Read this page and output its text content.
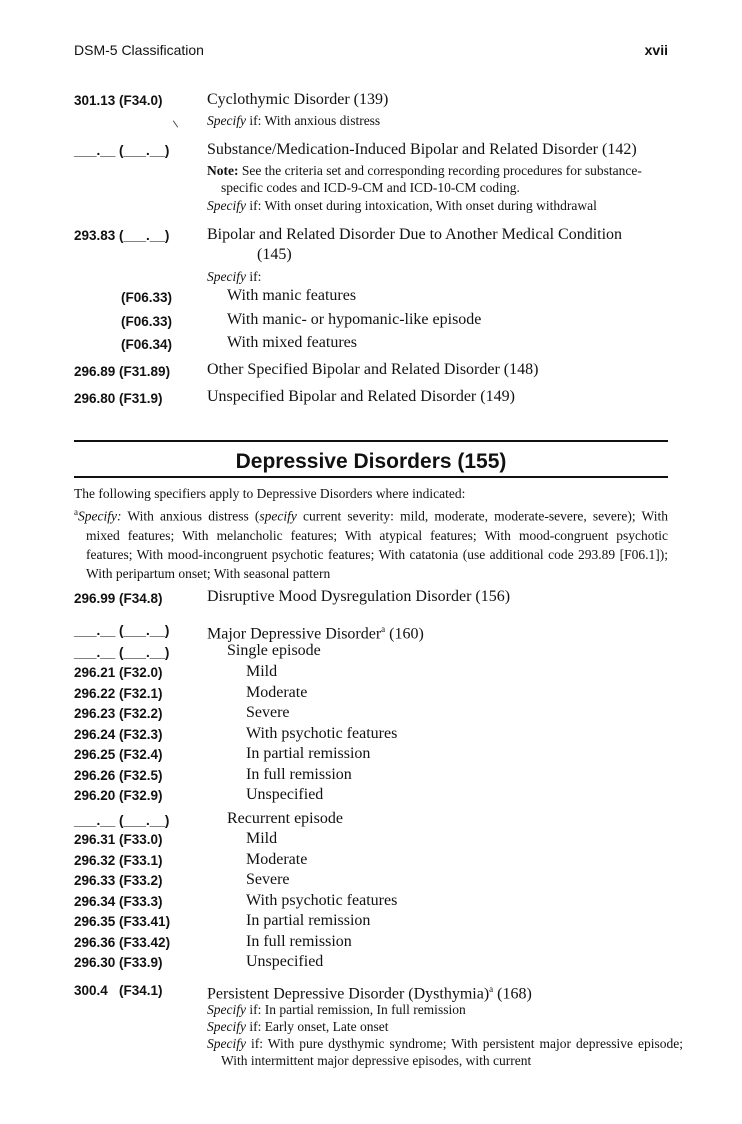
DSM-5 Classification	xvii
301.13 (F34.0)	Cyclothymic Disorder (139)
Specify if: With anxious distress
___.__ (___.__) Substance/Medication-Induced Bipolar and Related Disorder (142)
Note: See the criteria set and corresponding recording procedures for substance-specific codes and ICD-9-CM and ICD-10-CM coding.
Specify if: With onset during intoxication, With onset during withdrawal
293.83 (___.__) Bipolar and Related Disorder Due to Another Medical Condition
(145)
Specify if:
(F06.33)	With manic features
(F06.33)	With manic- or hypomanic-like episode
(F06.34)	With mixed features
296.89 (F31.89) Other Specified Bipolar and Related Disorder (148)
296.80 (F31.9)	Unspecified Bipolar and Related Disorder (149)
Depressive Disorders (155)
The following specifiers apply to Depressive Disorders where indicated:
$^a$Specify: With anxious distress (specify current severity: mild, moderate, moderate-severe, severe); With mixed features; With melancholic features; With atypical features; With mood-congruent psychotic features; With mood-incongruent psychotic features; With catatonia (use additional code 293.89 [F06.1]); With peripartum onset; With seasonal pattern
296.99 (F34.8)	Disruptive Mood Dysregulation Disorder (156)
___.__ (___.__) Major Depressive Disorder$^a$ (160)
___.__ (___.__)	Single episode
296.21 (F32.0)	Mild
296.22 (F32.1)	Moderate
296.23 (F32.2)	Severe
296.24 (F32.3)	With psychotic features
296.25 (F32.4)	In partial remission
296.26 (F32.5)	In full remission
296.20 (F32.9)	Unspecified
___.__ (___.__)	Recurrent episode
296.31 (F33.0)	Mild
296.32 (F33.1)	Moderate
296.33 (F33.2)	Severe
296.34 (F33.3)	With psychotic features
296.35 (F33.41)	In partial remission
296.36 (F33.42)	In full remission
296.30 (F33.9)	Unspecified
300.4   (F34.1)	Persistent Depressive Disorder (Dysthymia)$^a$ (168)
Specify if: In partial remission, In full remission
Specify if: Early onset, Late onset
Specify if: With pure dysthymic syndrome; With persistent major depressive episode; With intermittent major depressive episodes, with current
